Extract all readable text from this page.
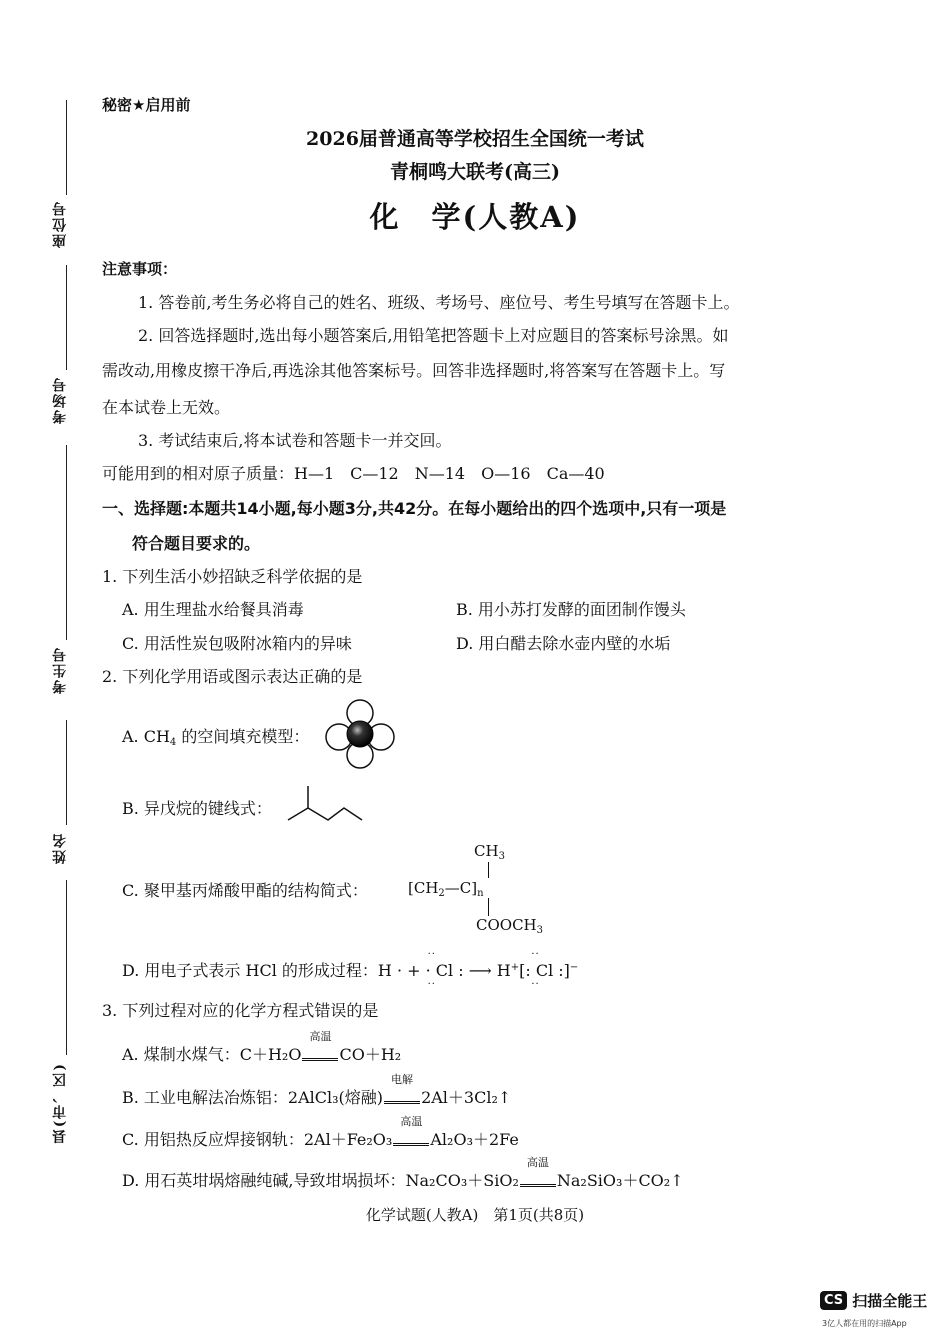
座位号
考场号
考生号
姓名
县(市、区)
秘密★启用前
2026届普通高等学校招生全国统一考试
青桐鸣大联考(高三)
化　学(人教A)
注意事项：
1. 答卷前,考生务必将自己的姓名、班级、考场号、座位号、考生号填写在答题卡上。
2. 回答选择题时,选出每小题答案后,用铅笔把答题卡上对应题目的答案标号涂黑。如
需改动,用橡皮擦干净后,再选涂其他答案标号。回答非选择题时,将答案写在答题卡上。写
在本试卷上无效。
3. 考试结束后,将本试卷和答题卡一并交回。
可能用到的相对原子质量：H—1　C—12　N—14　O—16　Ca—40
一、选择题:本题共14小题,每小题3分,共42分。在每小题给出的四个选项中,只有一项是
符合题目要求的。
1. 下列生活小妙招缺乏科学依据的是
A. 用生理盐水给餐具消毒	B. 用小苏打发酵的面团制作馒头
C. 用活性炭包吸附冰箱内的异味	D. 用白醋去除水壶内壁的水垢
2. 下列化学用语或图示表达正确的是
A. $CH_4$ 的空间填充模型：
B. 异戊烷的键线式：
C. 聚甲基丙烯酸甲酯的结构简式：
$CH_3$
$[CH_2—C]_n$
$COOCH_3$
D. 用电子式表示 HCl 的形成过程：H · +
··
· Cl :
··
⟶ H+[
··
: Cl :
··
]−
3. 下列过程对应的化学方程式错误的是
A. 煤制水煤气：C＋H₂O
高温
　　CO＋H₂
B. 工业电解法冶炼铝：2AlCl₃(熔融)
电解
　　2Al＋3Cl₂↑
C. 用铝热反应焊接钢轨：2Al＋Fe₂O₃
高温
　　Al₂O₃＋2Fe
D. 用石英坩埚熔融纯碱,导致坩埚损坏：Na₂CO₃＋SiO₂
高温
　　Na₂SiO₃＋CO₂↑
化学试题(人教A)　第1页(共8页)
CS 扫描全能王
3亿人都在用的扫描App
